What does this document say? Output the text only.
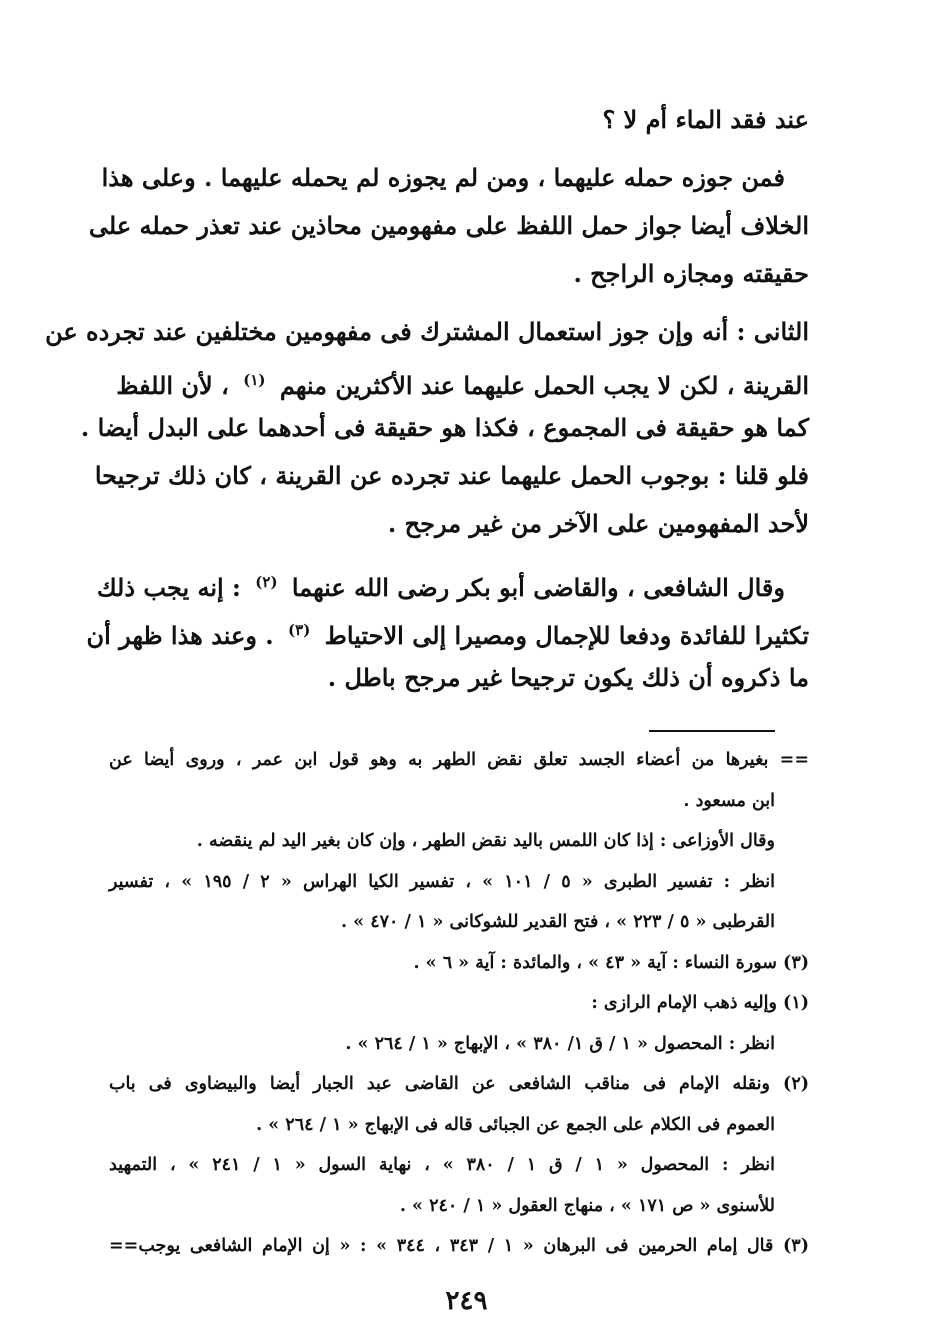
عند فقد الماء أم لا ؟
فمن جوزه حمله عليهما ، ومن لم يجوزه لم يحمله عليهما . وعلى هذا
الخلاف أيضا جواز حمل اللفظ على مفهومين محاذين عند تعذر حمله على
حقيقته ومجازه الراجح .
الثانى : أنه وإن جوز استعمال المشترك فى مفهومين مختلفين عند تجرده عن
القرينة ، لكن لا يجب الحمل عليهما عند الأكثرين منهم $^{(١)}$ ، لأن اللفظ
كما هو حقيقة فى المجموع ، فكذا هو حقيقة فى أحدهما على البدل أيضا .
فلو قلنا : بوجوب الحمل عليهما عند تجرده عن القرينة ، كان ذلك ترجيحا
لأحد المفهومين على الآخر من غير مرجح .
وقال الشافعى ، والقاضى أبو بكر رضى الله عنهما $^{(٢)}$ : إنه يجب ذلك
تكثيرا للفائدة ودفعا للإجمال ومصيرا إلى الاحتياط $^{(٣)}$ . وعند هذا ظهر أن
ما ذكروه أن ذلك يكون ترجيحا غير مرجح باطل .
== بغيرها من أعضاء الجسد تعلق نقض الطهر به وهو قول ابن عمر ، وروى أيضا عن
ابن مسعود .
وقال الأوزاعى : إذا كان اللمس باليد نقض الطهر ، وإن كان بغير اليد لم ينقضه .
انظر : تفسير الطبرى « ٥ / ١٠١ » ، تفسير الكيا الهراس « ٢ / ١٩٥ » ، تفسير
القرطبى « ٥ / ٢٢٣ » ، فتح القدير للشوكانى « ١ / ٤٧٠ » .
(٣) سورة النساء : آية « ٤٣ » ، والمائدة : آية « ٦ » .
(١) وإليه ذهب الإمام الرازى :
انظر : المحصول « ١ / ق ١/ ٣٨٠ » ، الإبهاج « ١ / ٢٦٤ » .
(٢) ونقله الإمام فى مناقب الشافعى عن القاضى عبد الجبار أيضا والبيضاوى فى باب
العموم فى الكلام على الجمع عن الجبائى قاله فى الإبهاج « ١ / ٢٦٤ » .
انظر : المحصول « ١ / ق ١ / ٣٨٠ » ، نهاية السول « ١ / ٢٤١ » ، التمهيد
للأسنوى « ص ١٧١ » ، منهاج العقول « ١ / ٢٤٠ » .
(٣) قال إمام الحرمين فى البرهان « ١ / ٣٤٣ ، ٣٤٤ » : « إن الإمام الشافعى يوجب==
٢٤٩
